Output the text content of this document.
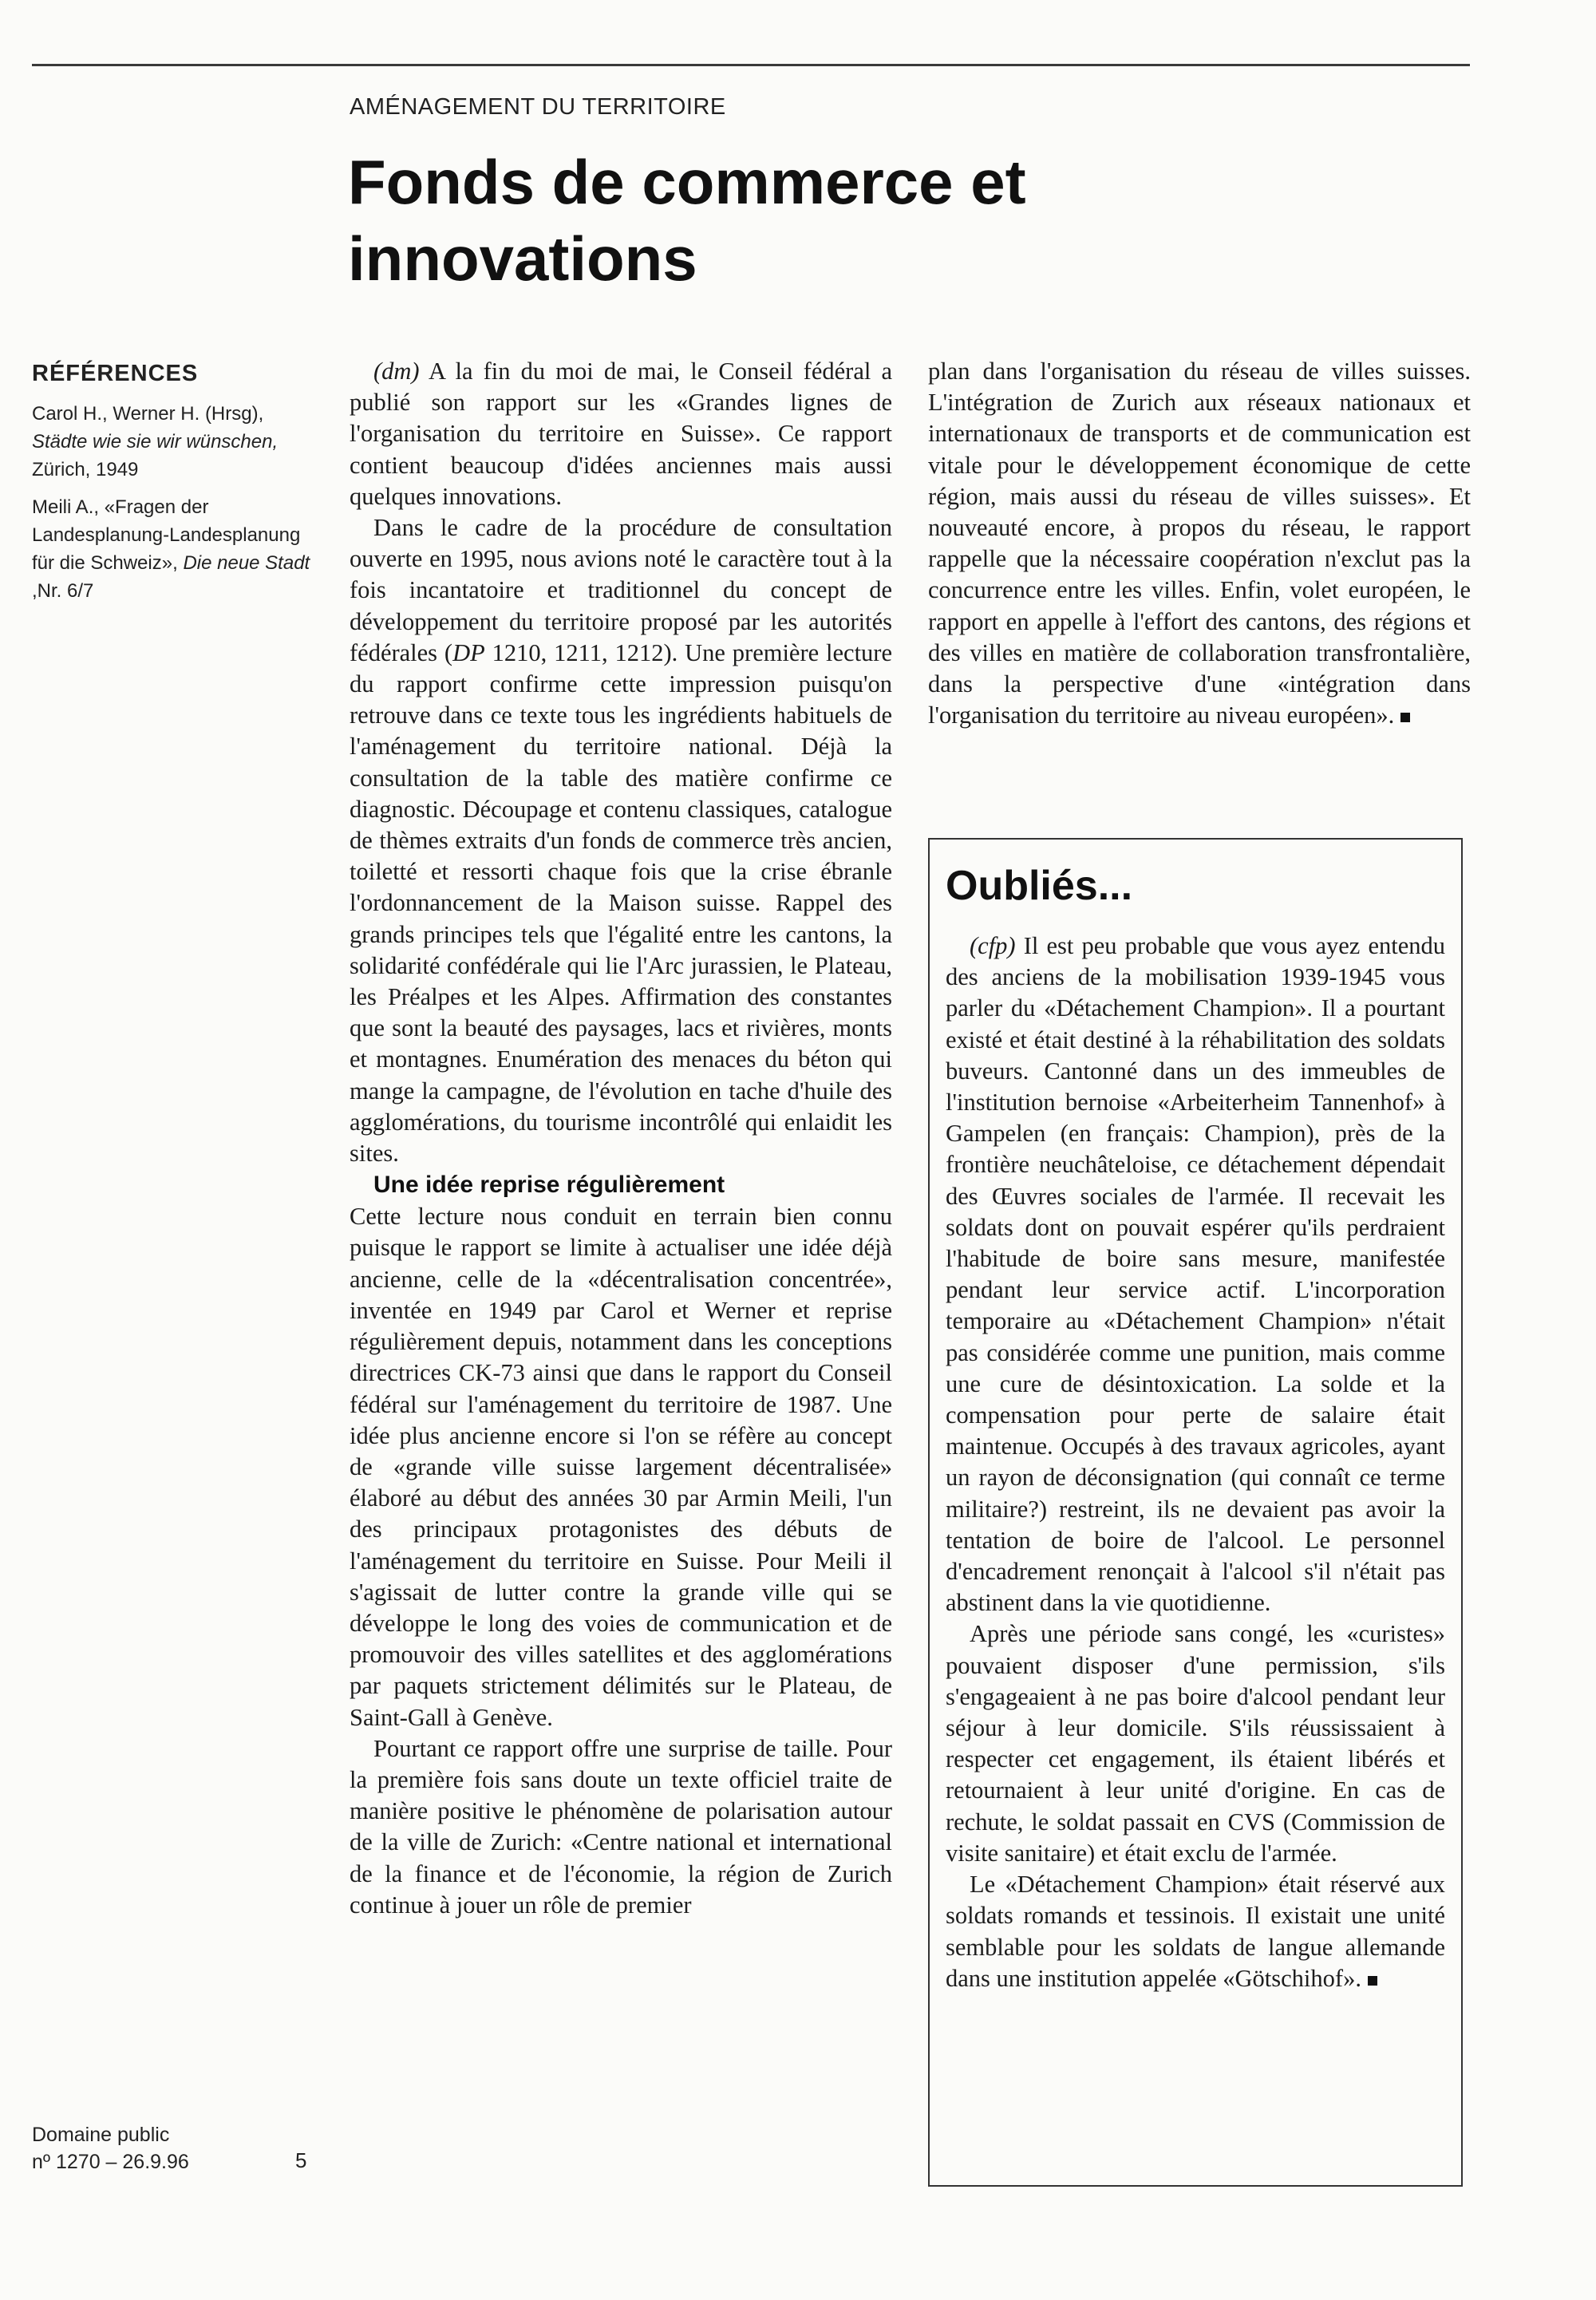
AMÉNAGEMENT DU TERRITOIRE

Fonds de commerce et innovations

RÉFÉRENCES

Carol H., Werner H. (Hrsg), Städte wie sie wir wünschen, Zürich, 1949

Meili A., «Fragen der Landesplanung-Landesplanung für die Schweiz», Die neue Stadt ,Nr. 6/7

(dm) A la fin du moi de mai, le Conseil fédéral a publié son rapport sur les «Grandes lignes de l'organisation du territoire en Suisse». Ce rapport contient beaucoup d'idées anciennes mais aussi quelques innovations.

Dans le cadre de la procédure de consultation ouverte en 1995, nous avions noté le caractère tout à la fois incantatoire et traditionnel du concept de développement du territoire proposé par les autorités fédérales (DP 1210, 1211, 1212). Une première lecture du rapport confirme cette impression puisqu'on retrouve dans ce texte tous les ingrédients habituels de l'aménagement du territoire national. Déjà la consultation de la table des matière confirme ce diagnostic. Découpage et contenu classiques, catalogue de thèmes extraits d'un fonds de commerce très ancien, toiletté et ressorti chaque fois que la crise ébranle l'ordonnancement de la Maison suisse. Rappel des grands principes tels que l'égalité entre les cantons, la solidarité confédérale qui lie l'Arc jurassien, le Plateau, les Préalpes et les Alpes. Affirmation des constantes que sont la beauté des paysages, lacs et rivières, monts et montagnes. Enumération des menaces du béton qui mange la campagne, de l'évolution en tache d'huile des agglomérations, du tourisme incontrôlé qui enlaidit les sites.

Une idée reprise régulièrement

Cette lecture nous conduit en terrain bien connu puisque le rapport se limite à actualiser une idée déjà ancienne, celle de la «décentralisation concentrée», inventée en 1949 par Carol et Werner et reprise régulièrement depuis, notamment dans les conceptions directrices CK-73 ainsi que dans le rapport du Conseil fédéral sur l'aménagement du territoire de 1987. Une idée plus ancienne encore si l'on se réfère au concept de «grande ville suisse largement décentralisée» élaboré au début des années 30 par Armin Meili, l'un des principaux protagonistes des débuts de l'aménagement du territoire en Suisse. Pour Meili il s'agissait de lutter contre la grande ville qui se développe le long des voies de communication et de promouvoir des villes satellites et des agglomérations par paquets strictement délimités sur le Plateau, de Saint-Gall à Genève.

Pourtant ce rapport offre une surprise de taille. Pour la première fois sans doute un texte officiel traite de manière positive le phénomène de polarisation autour de la ville de Zurich: «Centre national et international de la finance et de l'économie, la région de Zurich continue à jouer un rôle de premier

plan dans l'organisation du réseau de villes suisses. L'intégration de Zurich aux réseaux nationaux et internationaux de transports et de communication est vitale pour le développement économique de cette région, mais aussi du réseau de villes suisses». Et nouveauté encore, à propos du réseau, le rapport rappelle que la nécessaire coopération n'exclut pas la concurrence entre les villes. Enfin, volet européen, le rapport en appelle à l'effort des cantons, des régions et des villes en matière de collaboration transfrontalière, dans la perspective d'une «intégration dans l'organisation du territoire au niveau européen».

Oubliés...

(cfp) Il est peu probable que vous ayez entendu des anciens de la mobilisation 1939-1945 vous parler du «Détachement Champion». Il a pourtant existé et était destiné à la réhabilitation des soldats buveurs. Cantonné dans un des immeubles de l'institution bernoise «Arbeiterheim Tannenhof» à Gampelen (en français: Champion), près de la frontière neuchâteloise, ce détachement dépendait des Œuvres sociales de l'armée. Il recevait les soldats dont on pouvait espérer qu'ils perdraient l'habitude de boire sans mesure, manifestée pendant leur service actif. L'incorporation temporaire au «Détachement Champion» n'était pas considérée comme une punition, mais comme une cure de désintoxication. La solde et la compensation pour perte de salaire était maintenue. Occupés à des travaux agricoles, ayant un rayon de déconsignation (qui connaît ce terme militaire?) restreint, ils ne devaient pas avoir la tentation de boire de l'alcool. Le personnel d'encadrement renonçait à l'alcool s'il n'était pas abstinent dans la vie quotidienne.

Après une période sans congé, les «curistes» pouvaient disposer d'une permission, s'ils s'engageaient à ne pas boire d'alcool pendant leur séjour à leur domicile. S'ils réussissaient à respecter cet engagement, ils étaient libérés et retournaient à leur unité d'origine. En cas de rechute, le soldat passait en CVS (Commission de visite sanitaire) et était exclu de l'armée.

Le «Détachement Champion» était réservé aux soldats romands et tessinois. Il existait une unité semblable pour les soldats de langue allemande dans une institution appelée «Götschihof».

Domaine public
nº 1270 – 26.9.96	5
